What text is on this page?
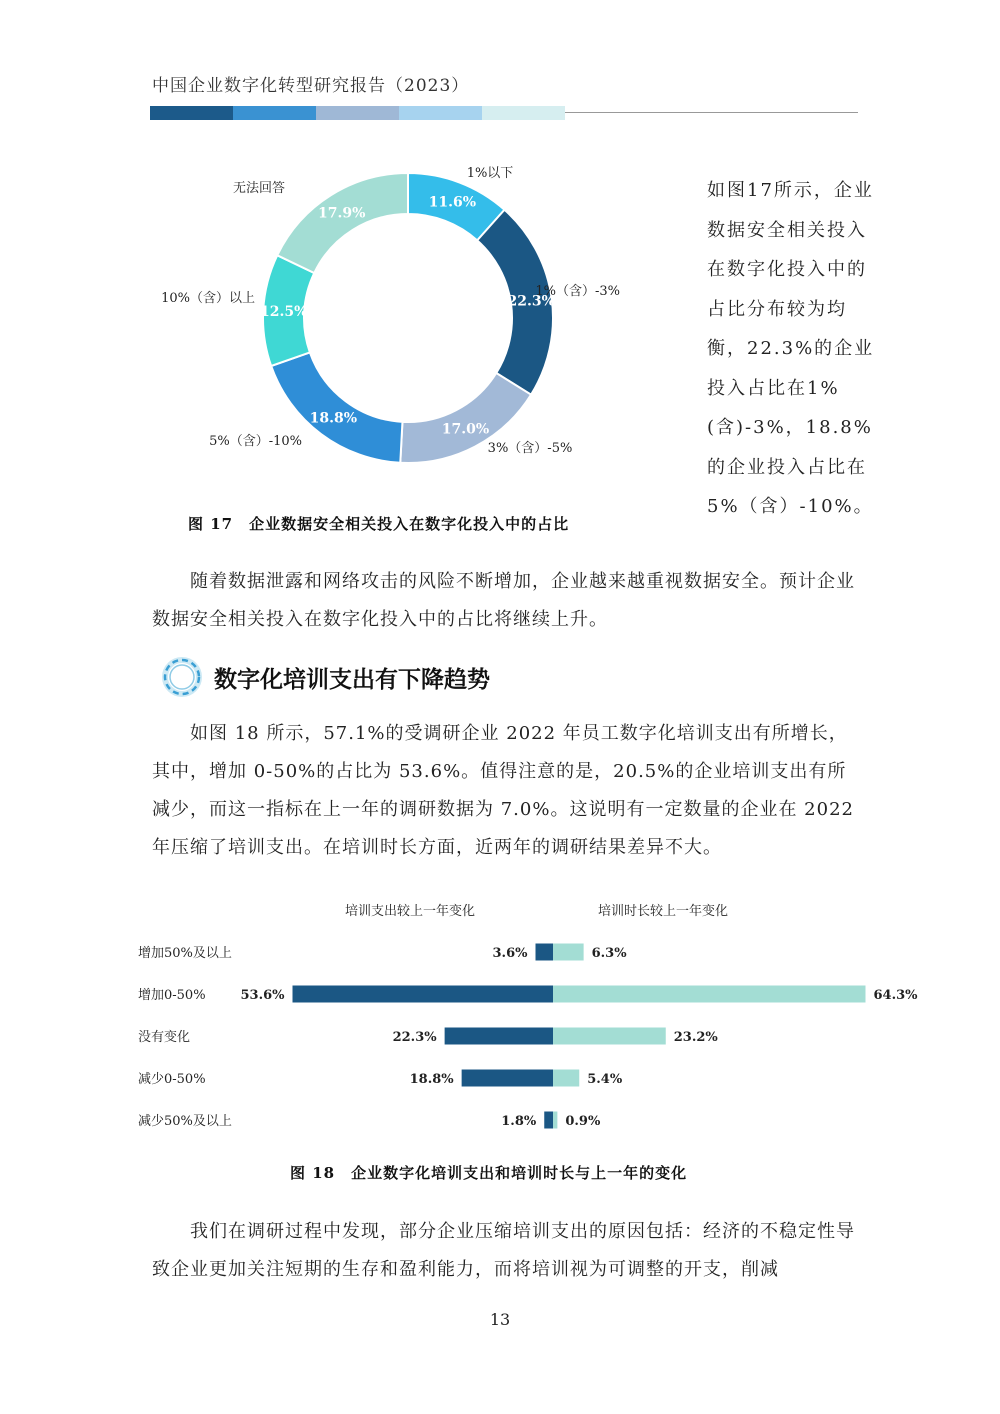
中国企业数字化转型研究报告（2023）
11.6%
1%以下
22.3%
1%（含）-3%
17.0%
3%（含）-5%
18.8%
5%（含）-10%
12.5%
10%（含）以上
17.9%
无法回答	如图17所示，企业数据安全相关投入在数字化投入中的占比分布较为均衡，22.3%的企业投入占比在1%(含)-3%，18.8%的企业投入占比在5%（含）-10%。
图 17　企业数据安全相关投入在数字化投入中的占比
随着数据泄露和网络攻击的风险不断增加，企业越来越重视数据安全。预计企业数据安全相关投入在数字化投入中的占比将继续上升。
数字化培训支出有下降趋势
如图 18 所示，57.1%的受调研企业 2022 年员工数字化培训支出有所增长，其中，增加 0-50%的占比为 53.6%。值得注意的是，20.5%的企业培训支出有所减少，而这一指标在上一年的调研数据为 7.0%。这说明有一定数量的企业在 2022 年压缩了培训支出。在培训时长方面，近两年的调研结果差异不大。
培训支出较上一年变化	培训时长较上一年变化
增加50%及以上	3.6%	6.3%
增加0-50%	53.6%	64.3%
没有变化	22.3%	23.2%
减少0-50%	18.8%	5.4%
减少50%及以上	1.8% 0.9%
图 18　企业数字化培训支出和培训时长与上一年的变化
我们在调研过程中发现，部分企业压缩培训支出的原因包括：经济的不稳定性导致企业更加关注短期的生存和盈利能力，而将培训视为可调整的开支，削减
13
